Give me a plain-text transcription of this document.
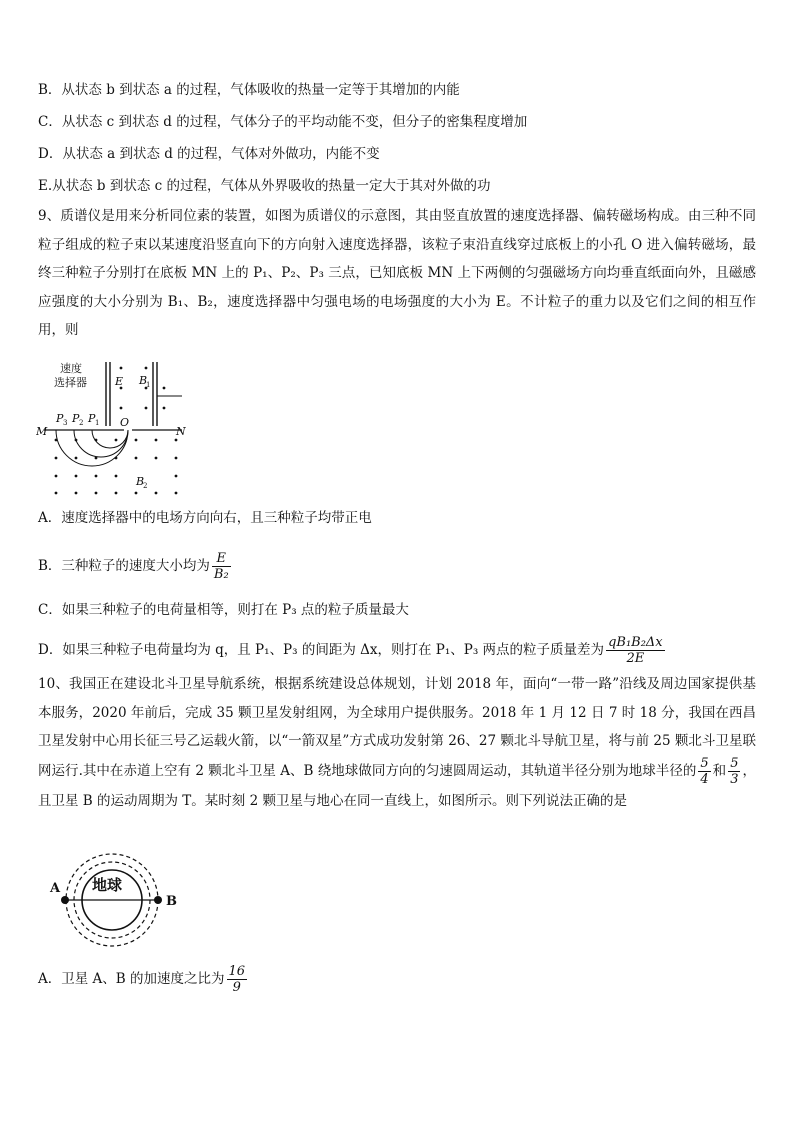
B．从状态 b 到状态 a 的过程，气体吸收的热量一定等于其增加的内能
C．从状态 c 到状态 d 的过程，气体分子的平均动能不变，但分子的密集程度增加
D．从状态 a 到状态 d 的过程，气体对外做功，内能不变
E.从状态 b 到状态 c 的过程，气体从外界吸收的热量一定大于其对外做的功
9、质谱仪是用来分析同位素的装置，如图为质谱仪的示意图，其由竖直放置的速度选择器、偏转磁场构成。由三种不同粒子组成的粒子束以某速度沿竖直向下的方向射入速度选择器，该粒子束沿直线穿过底板上的小孔 O 进入偏转磁场，最终三种粒子分别打在底板 MN 上的 P₁、P₂、P₃ 三点，已知底板 MN 上下两侧的匀强磁场方向均垂直纸面向外，且磁感应强度的大小分别为 B₁、B₂，速度选择器中匀强电场的电场强度的大小为 E。不计粒子的重力以及它们之间的相互作用，则
速度
选择器	E B
1
O
M	N
P 3 P 2 P 1
B
2
A．速度选择器中的电场方向向右，且三种粒子均带正电
B．三种粒子的速度大小均为 $\frac{E}{\text{B₂}}$
C．如果三种粒子的电荷量相等，则打在 P₃ 点的粒子质量最大
D．如果三种粒子电荷量均为 q，且 P₁、P₃ 的间距为 Δx，则打在 P₁、P₃ 两点的粒子质量差为 $\frac{\text{qB₁B₂Δx}}{2E}$
10、我国正在建设北斗卫星导航系统，根据系统建设总体规划，计划 2018 年，面向“一带一路”沿线及周边国家提供基本服务，2020 年前后，完成 35 颗卫星发射组网，为全球用户提供服务。2018 年 1 月 12 日 7 时 18 分，我国在西昌卫星发射中心用长征三号乙运载火箭，以“一箭双星”方式成功发射第 26、27 颗北斗导航卫星，将与前 25 颗北斗卫星联网运行.其中在赤道上空有 2 颗北斗卫星 A、B 绕地球做同方向的匀速圆周运动，其轨道半径分别为地球半径的 $\frac{5}{4}$ 和 $\frac{5}{3}$ ，且卫星 B 的运动周期为 T。某时刻 2 颗卫星与地心在同一直线上，如图所示。则下列说法正确的是
地球
A
B
A．卫星 A、B 的加速度之比为 $\frac{16}{9}$
